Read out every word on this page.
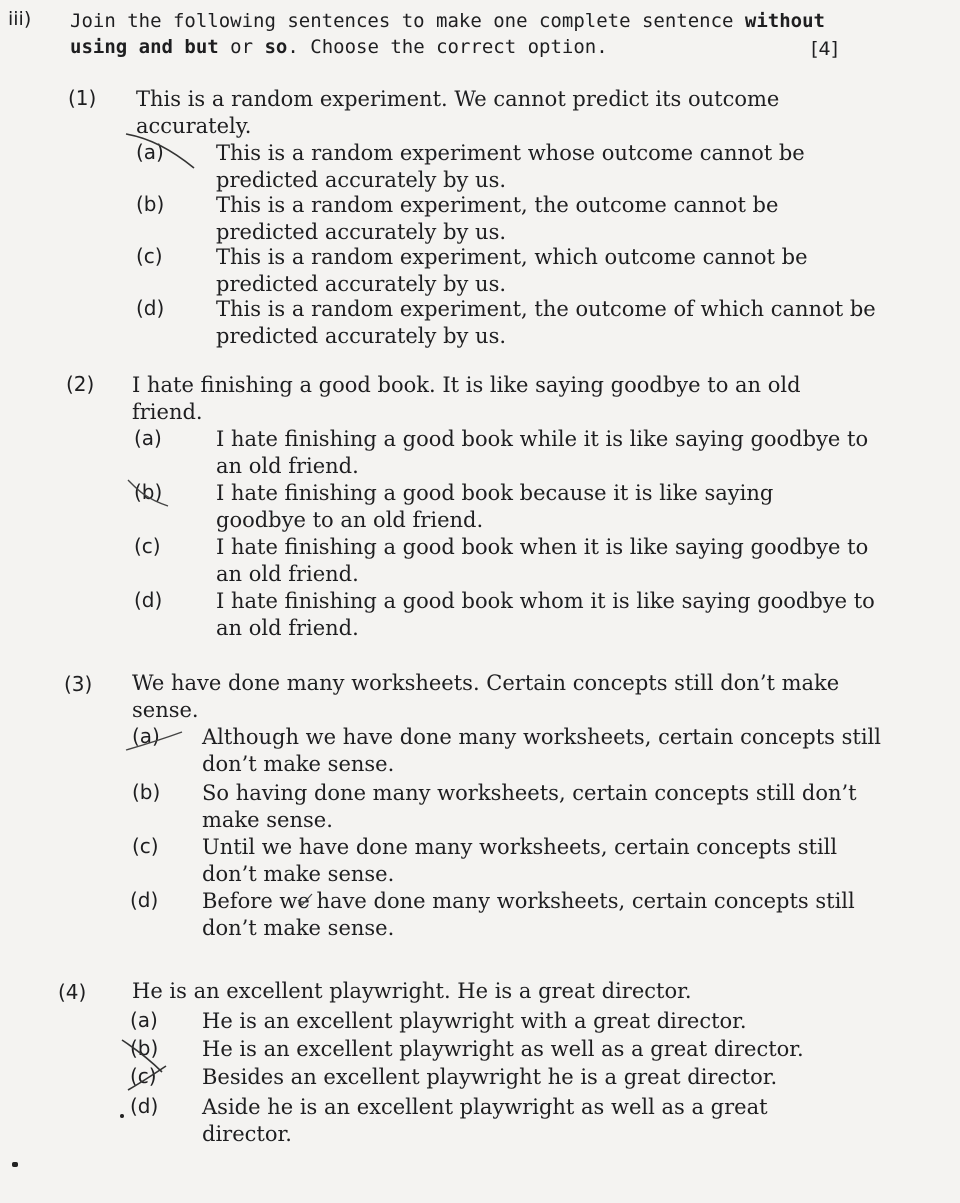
iii) Join the following sentences to make one complete sentence without using and but or so. Choose the correct option.	[4]
(1) This is a random experiment. We cannot predict its outcome accurately.
(a) This is a random experiment whose outcome cannot be predicted accurately by us.
(b) This is a random experiment, the outcome cannot be predicted accurately by us.
(c)	This is a random experiment, which outcome cannot be predicted accurately by us.
(d) This is a random experiment, the outcome of which cannot be predicted accurately by us.
(2) I hate finishing a good book. It is like saying goodbye to an old friend.
(a)	I hate finishing a good book while it is like saying goodbye to an old friend.
(b)	I hate finishing a good book because it is like saying goodbye to an old friend.
(c)	I hate finishing a good book when it is like saying goodbye to an old friend.
(d)	I hate finishing a good book whom it is like saying goodbye to an old friend.
(3) We have done many worksheets. Certain concepts still don’t make sense.
(a) Although we have done many worksheets, certain concepts still don’t make sense.
(b) So having done many worksheets, certain concepts still don’t make sense.
(c) Until we have done many worksheets, certain concepts still don’t make sense.
(d) Before we have done many worksheets, certain concepts still don’t make sense.
(4) He is an excellent playwright. He is a great director.
(a) He is an excellent playwright with a great director.
(b) He is an excellent playwright as well as a great director.
(c) Besides an excellent playwright he is a great director.
(d) Aside he is an excellent playwright as well as a great director.
